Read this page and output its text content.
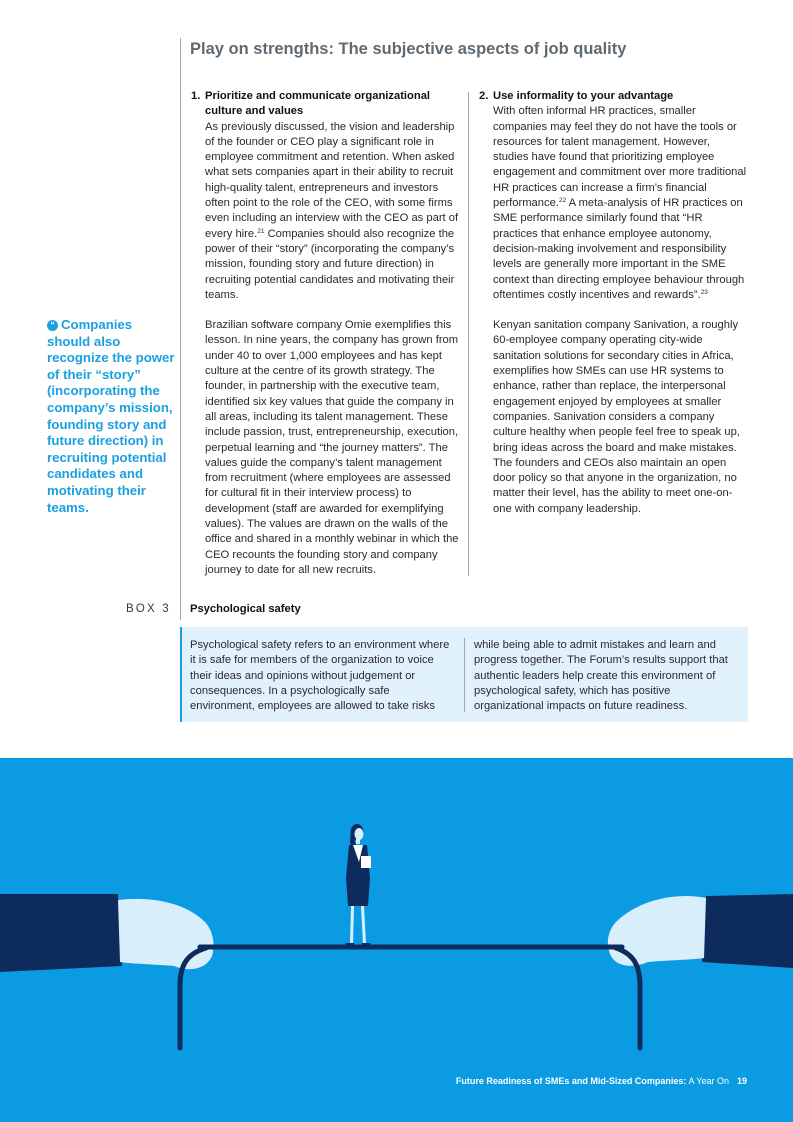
Play on strengths: The subjective aspects of job quality
1. Prioritize and communicate organizational
culture and values

As previously discussed, the vision and leadership of the founder or CEO play a significant role in employee commitment and retention. When asked what sets companies apart in their ability to recruit high-quality talent, entrepreneurs and investors often point to the role of the CEO, with some firms even including an interview with the CEO as part of every hire.$^{21}$ Companies should also recognize the power of their “story” (incorporating the company’s mission, founding story and future direction) in recruiting potential candidates and motivating their teams.

Brazilian software company Omie exemplifies this lesson. In nine years, the company has grown from under 40 to over 1,000 employees and has kept culture at the centre of its growth strategy. The founder, in partnership with the executive team, identified six key values that guide the company in all areas, including its talent management. These include passion, trust, entrepreneurship, execution, perpetual learning and “the journey matters”. The values guide the company’s talent management from recruitment (where employees are assessed for cultural fit in their interview process) to development (staff are awarded for exemplifying values). The values are drawn on the walls of the office and shared in a monthly webinar in which the CEO recounts the founding story and company journey to date for all new recruits.

2. Use informality to your advantage

With often informal HR practices, smaller companies may feel they do not have the tools or resources for talent management. However, studies have found that prioritizing employee engagement and commitment over more traditional HR practices can increase a firm’s financial performance.$^{22}$ A meta-analysis of HR practices on SME performance similarly found that “HR practices that enhance employee autonomy, decision-making involvement and responsibility levels are generally more important in the SME context than directing employee behaviour through oftentimes costly incentives and rewards”.$^{23}$

Kenyan sanitation company Sanivation, a roughly 60-employee company operating city-wide sanitation solutions for secondary cities in Africa, exemplifies how SMEs can use HR systems to enhance, rather than replace, the interpersonal engagement enjoyed by employees at smaller companies. Sanivation considers a company culture healthy when people feel free to speak up, bring ideas across the board and make mistakes. The founders and CEOs also maintain an open door policy so that anyone in the organization, no matter their level, has the ability to meet one-on-one with company leadership.

“ Companies should also recognize the power of their “story” (incorporating the company’s mission, founding story and future direction) in recruiting potential candidates and motivating their teams.
BOX 3 Psychological safety
Psychological safety refers to an environment where it is safe for members of the organization to voice their ideas and opinions without judgement or consequences. In a psychologically safe environment, employees are allowed to take risks
while being able to admit mistakes and learn and progress together. The Forum’s results support that authentic leaders help create this environment of psychological safety, which has positive organizational impacts on future readiness.
Future Readiness of SMEs and Mid-Sized Companies: A Year On 19
